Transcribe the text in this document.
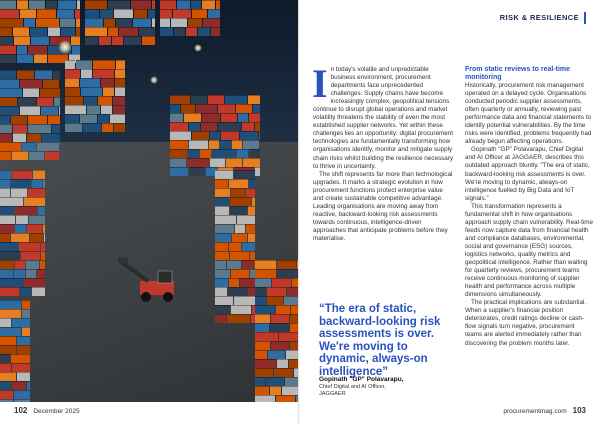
102 December 2025
RISK & RESILIENCE
I n today's volatile and unpredictable business environment, procurement departments face unprecedented challenges. Supply chains have become increasingly complex, geopolitical tensions continue to disrupt global operations and market volatility threatens the stability of even the most established supplier networks. Yet within these challenges lies an opportunity: digital procurement technologies are fundamentally transforming how organisations identify, monitor and mitigate supply chain risks whilst building the resilience necessary to thrive in uncertainty.

The shift represents far more than technological upgrades. It marks a strategic evolution in how procurement functions protect enterprise value and create sustainable competitive advantage. Leading organisations are moving away from reactive, backward-looking risk assessments towards continuous, intelligence-driven approaches that anticipate problems before they materialise.

“The era of static, backward-looking risk assessments is over. We're moving to dynamic, always-on intelligence”
Gopinath "GP" Polavarapu,
Chief Digital and AI Officer,
JAGGAER
From static reviews to real-time monitoring

Historically, procurement risk management operated on a delayed cycle. Organisations conducted periodic supplier assessments, often quarterly or annually, reviewing past performance data and financial statements to identify potential vulnerabilities. By the time risks were identified, problems frequently had already begun affecting operations.

Gopinath "GP" Polavarapu, Chief Digital and AI Officer at JAGGAER, describes this outdated approach bluntly. "The era of static, backward-looking risk assessments is over. We're moving to dynamic, always-on intelligence fuelled by Big Data and IoT signals."

This transformation represents a fundamental shift in how organisations approach supply chain vulnerability. Real-time feeds now capture data from financial health and compliance databases, environmental, social and governance (ESG) sources, logistics networks, quality metrics and geopolitical intelligence. Rather than waiting for quarterly reviews, procurement teams receive continuous monitoring of supplier health and performance across multiple dimensions simultaneously.

The practical implications are substantial. When a supplier's financial position deteriorates, credit ratings decline or cash-flow signals turn negative, procurement teams are alerted immediately rather than discovering the problem months later.

procurementmag.com 103
